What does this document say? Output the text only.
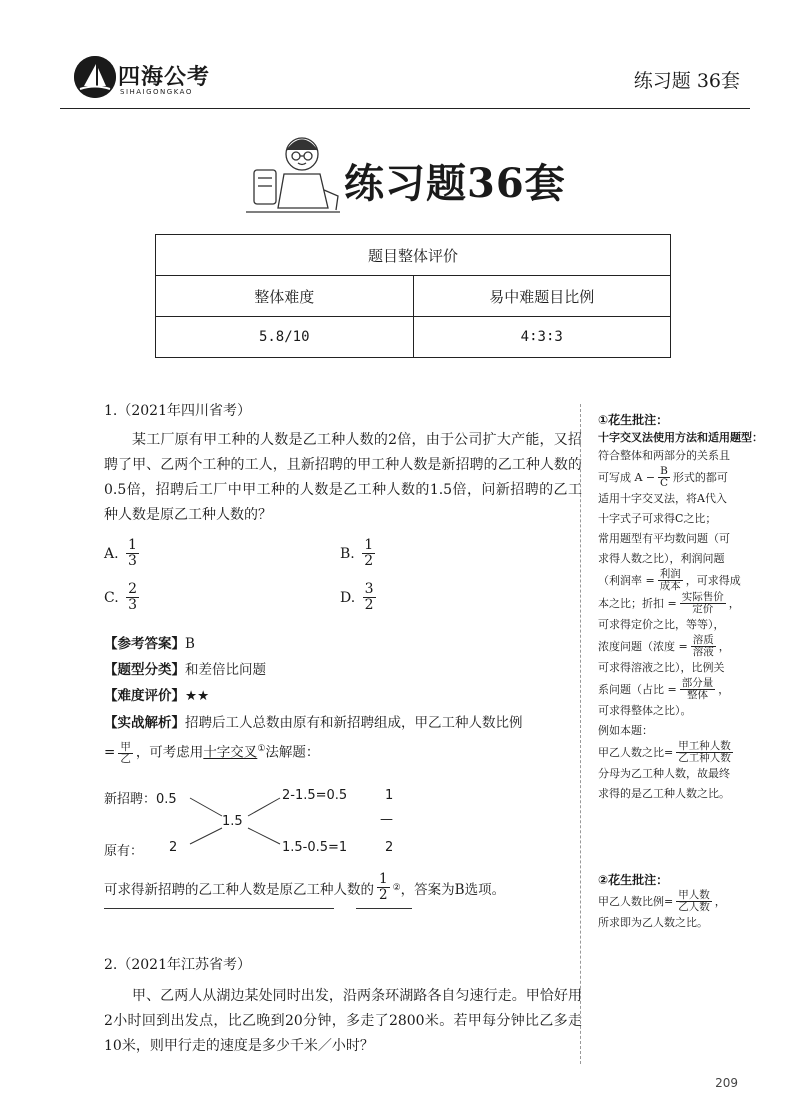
四海公考
SIHAIGONGKAO	练习题 36套
练习题36套
题目整体评价	
整体难度	易中难题目比例
5.8/10	4∶3∶3
1.（2021年四川省考）
某工厂原有甲工种的人数是乙工种人数的2倍，由于公司扩大产能，又招聘了甲、乙两个工种的工人，且新招聘的甲工种人数是新招聘的乙工种人数的0.5倍，招聘后工厂中甲工种的人数是乙工种人数的1.5倍，问新招聘的乙工种人数是原乙工种人数的？
A.
$\frac{1}{3}$	B.
$\frac{1}{2}$
C.
$\frac{2}{3}$	D.
$\frac{3}{2}$
【参考答案】B
【题型分类】和差倍比问题
【难度评价】★★
【实战解析】招聘后工人总数由原有和新招聘组成，甲乙工种人数比例
= $\frac{\text{甲}}{\text{乙}}$ ，可考虑用十字交叉①法解题：
新招聘：0.5
原有： 2
1.5
2-1.5=0.5
1.5-0.5=1
1
—
2
可求得新招聘的乙工种人数是原乙工种人数的 $\frac{1}{2}$ ② ，答案为B选项。
2.（2021年江苏省考）
甲、乙两人从湖边某处同时出发，沿两条环湖路各自匀速行走。甲恰好用2小时回到出发点，比乙晚到20分钟，多走了2800米。若甲每分钟比乙多走10米，则甲行走的速度是多少千米／小时？
①花生批注：
十字交叉法使用方法和适用题型：
符合整体和两部分的关系且
可写成 $A - \frac{B}{C}$ 形式的都可
适用十字交叉法，将A代入
十字式子可求得C之比；
常用题型有平均数问题（可
求得人数之比），利润问题
（利润率 = $\frac{\text{利润}}{\text{成本}}$ ，可求得成
本之比；折扣 = $\frac{\text{实际售价}}{\text{定价}}$ ，
可求得定价之比，等等），
浓度问题（浓度 = $\frac{\text{溶质}}{\text{溶液}}$ ，
可求得溶液之比），比例关
系问题（占比 = $\frac{\text{部分量}}{\text{整体}}$ ，
可求得整体之比）。
例如本题：
甲乙人数之比= $\frac{\text{甲工种人数}}{\text{乙工种人数}}$
分母为乙工种人数，故最终
求得的是乙工种人数之比。
②花生批注：
甲乙人数比例= $\frac{\text{甲人数}}{\text{乙人数}}$ ，
所求即为乙人数之比。
209
